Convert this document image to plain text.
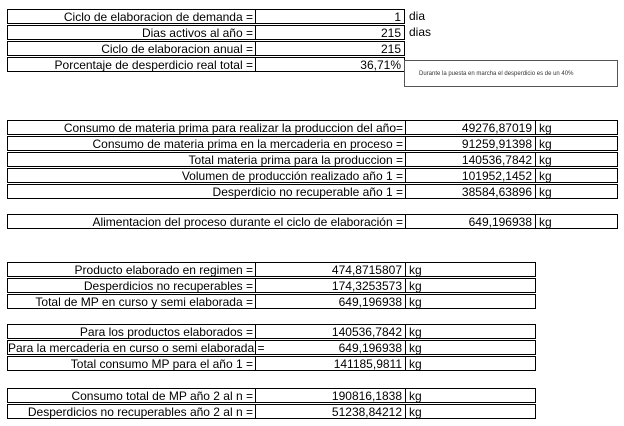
Ciclo de elaboracion de demanda =	1 dia
Dias activos al año =	215 dias
Ciclo de elaboracion anual =	215
Porcentaje de desperdicio real total =	36,71%
Durante la puesta en marcha el desperdicio es de un 40%
Consumo de materia prima para realizar la produccion del año=	49276,87019 kg
Consumo de materia prima en la mercaderia en proceso =	91259,91398 kg
Total materia prima para la produccion =	140536,7842 kg
Volumen de producción realizado año 1 =	101952,1452 kg
Desperdicio no recuperable año 1 =	38584,63896 kg
Alimentacion del proceso durante el ciclo de elaboración =	649,196938 kg
Producto elaborado en regimen =	474,8715807 kg
Desperdicios no recuperables =	174,3253573 kg
Total de MP en curso y semi elaborada =	649,196938 kg
Para los productos elaborados =	140536,7842 kg
Para la mercaderia en curso o semi elaborada =	649,196938 kg
Total consumo MP para el año 1 =	141185,9811 kg
Consumo total de MP año 2 al n =	190816,1838 kg
Desperdicios no recuperables año 2 al n =	51238,84212 kg
